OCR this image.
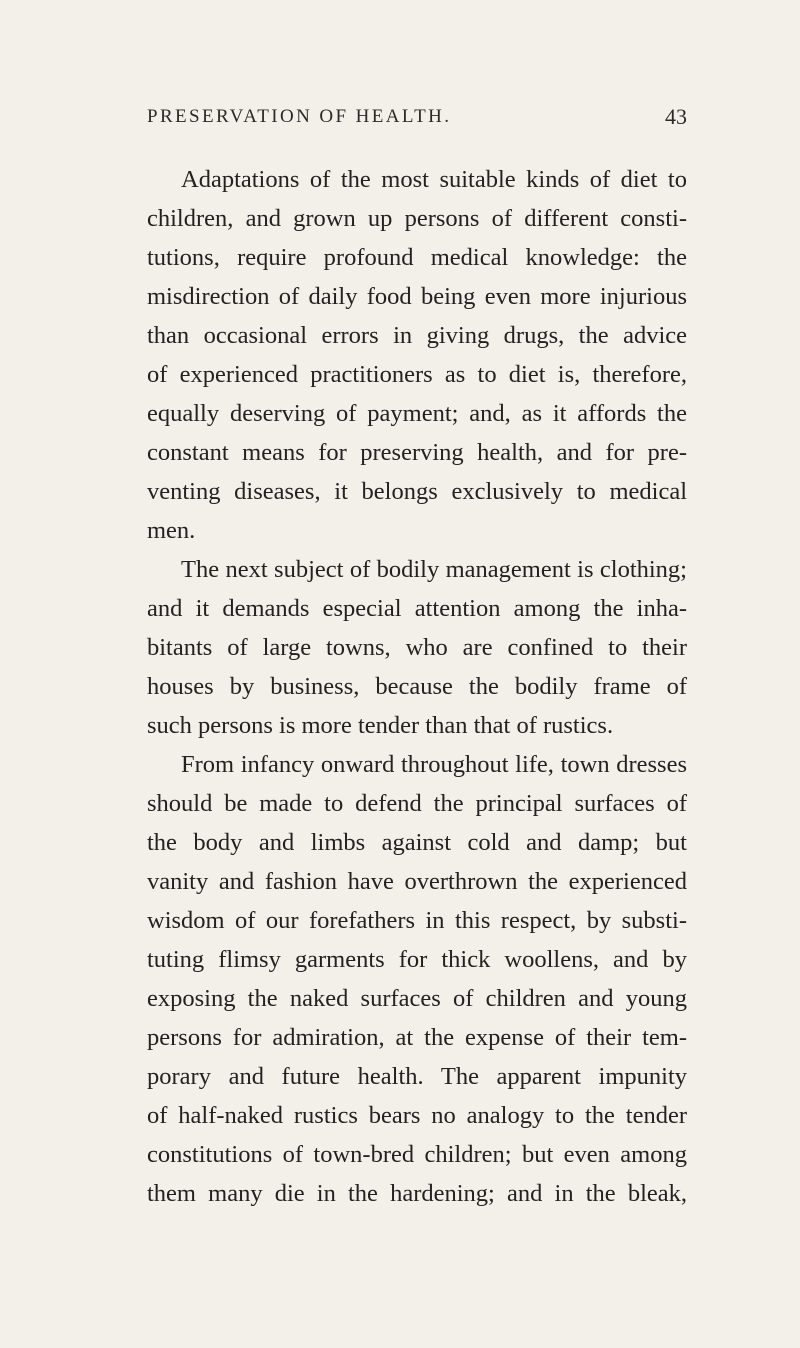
PRESERVATION OF HEALTH.	43
Adaptations of the most suitable kinds of diet to
children, and grown up persons of different consti-
tutions, require profound medical knowledge: the
misdirection of daily food being even more injurious
than occasional errors in giving drugs, the advice
of experienced practitioners as to diet is, therefore,
equally deserving of payment; and, as it affords the
constant means for preserving health, and for pre-
venting diseases, it belongs exclusively to medical
men.
The next subject of bodily management is clothing;
and it demands especial attention among the inha-
bitants of large towns, who are confined to their
houses by business, because the bodily frame of
such persons is more tender than that of rustics.
From infancy onward throughout life, town dresses
should be made to defend the principal surfaces of
the body and limbs against cold and damp; but
vanity and fashion have overthrown the experienced
wisdom of our forefathers in this respect, by substi-
tuting flimsy garments for thick woollens, and by
exposing the naked surfaces of children and young
persons for admiration, at the expense of their tem-
porary and future health. The apparent impunity
of half-naked rustics bears no analogy to the tender
constitutions of town-bred children; but even among
them many die in the hardening; and in the bleak,
